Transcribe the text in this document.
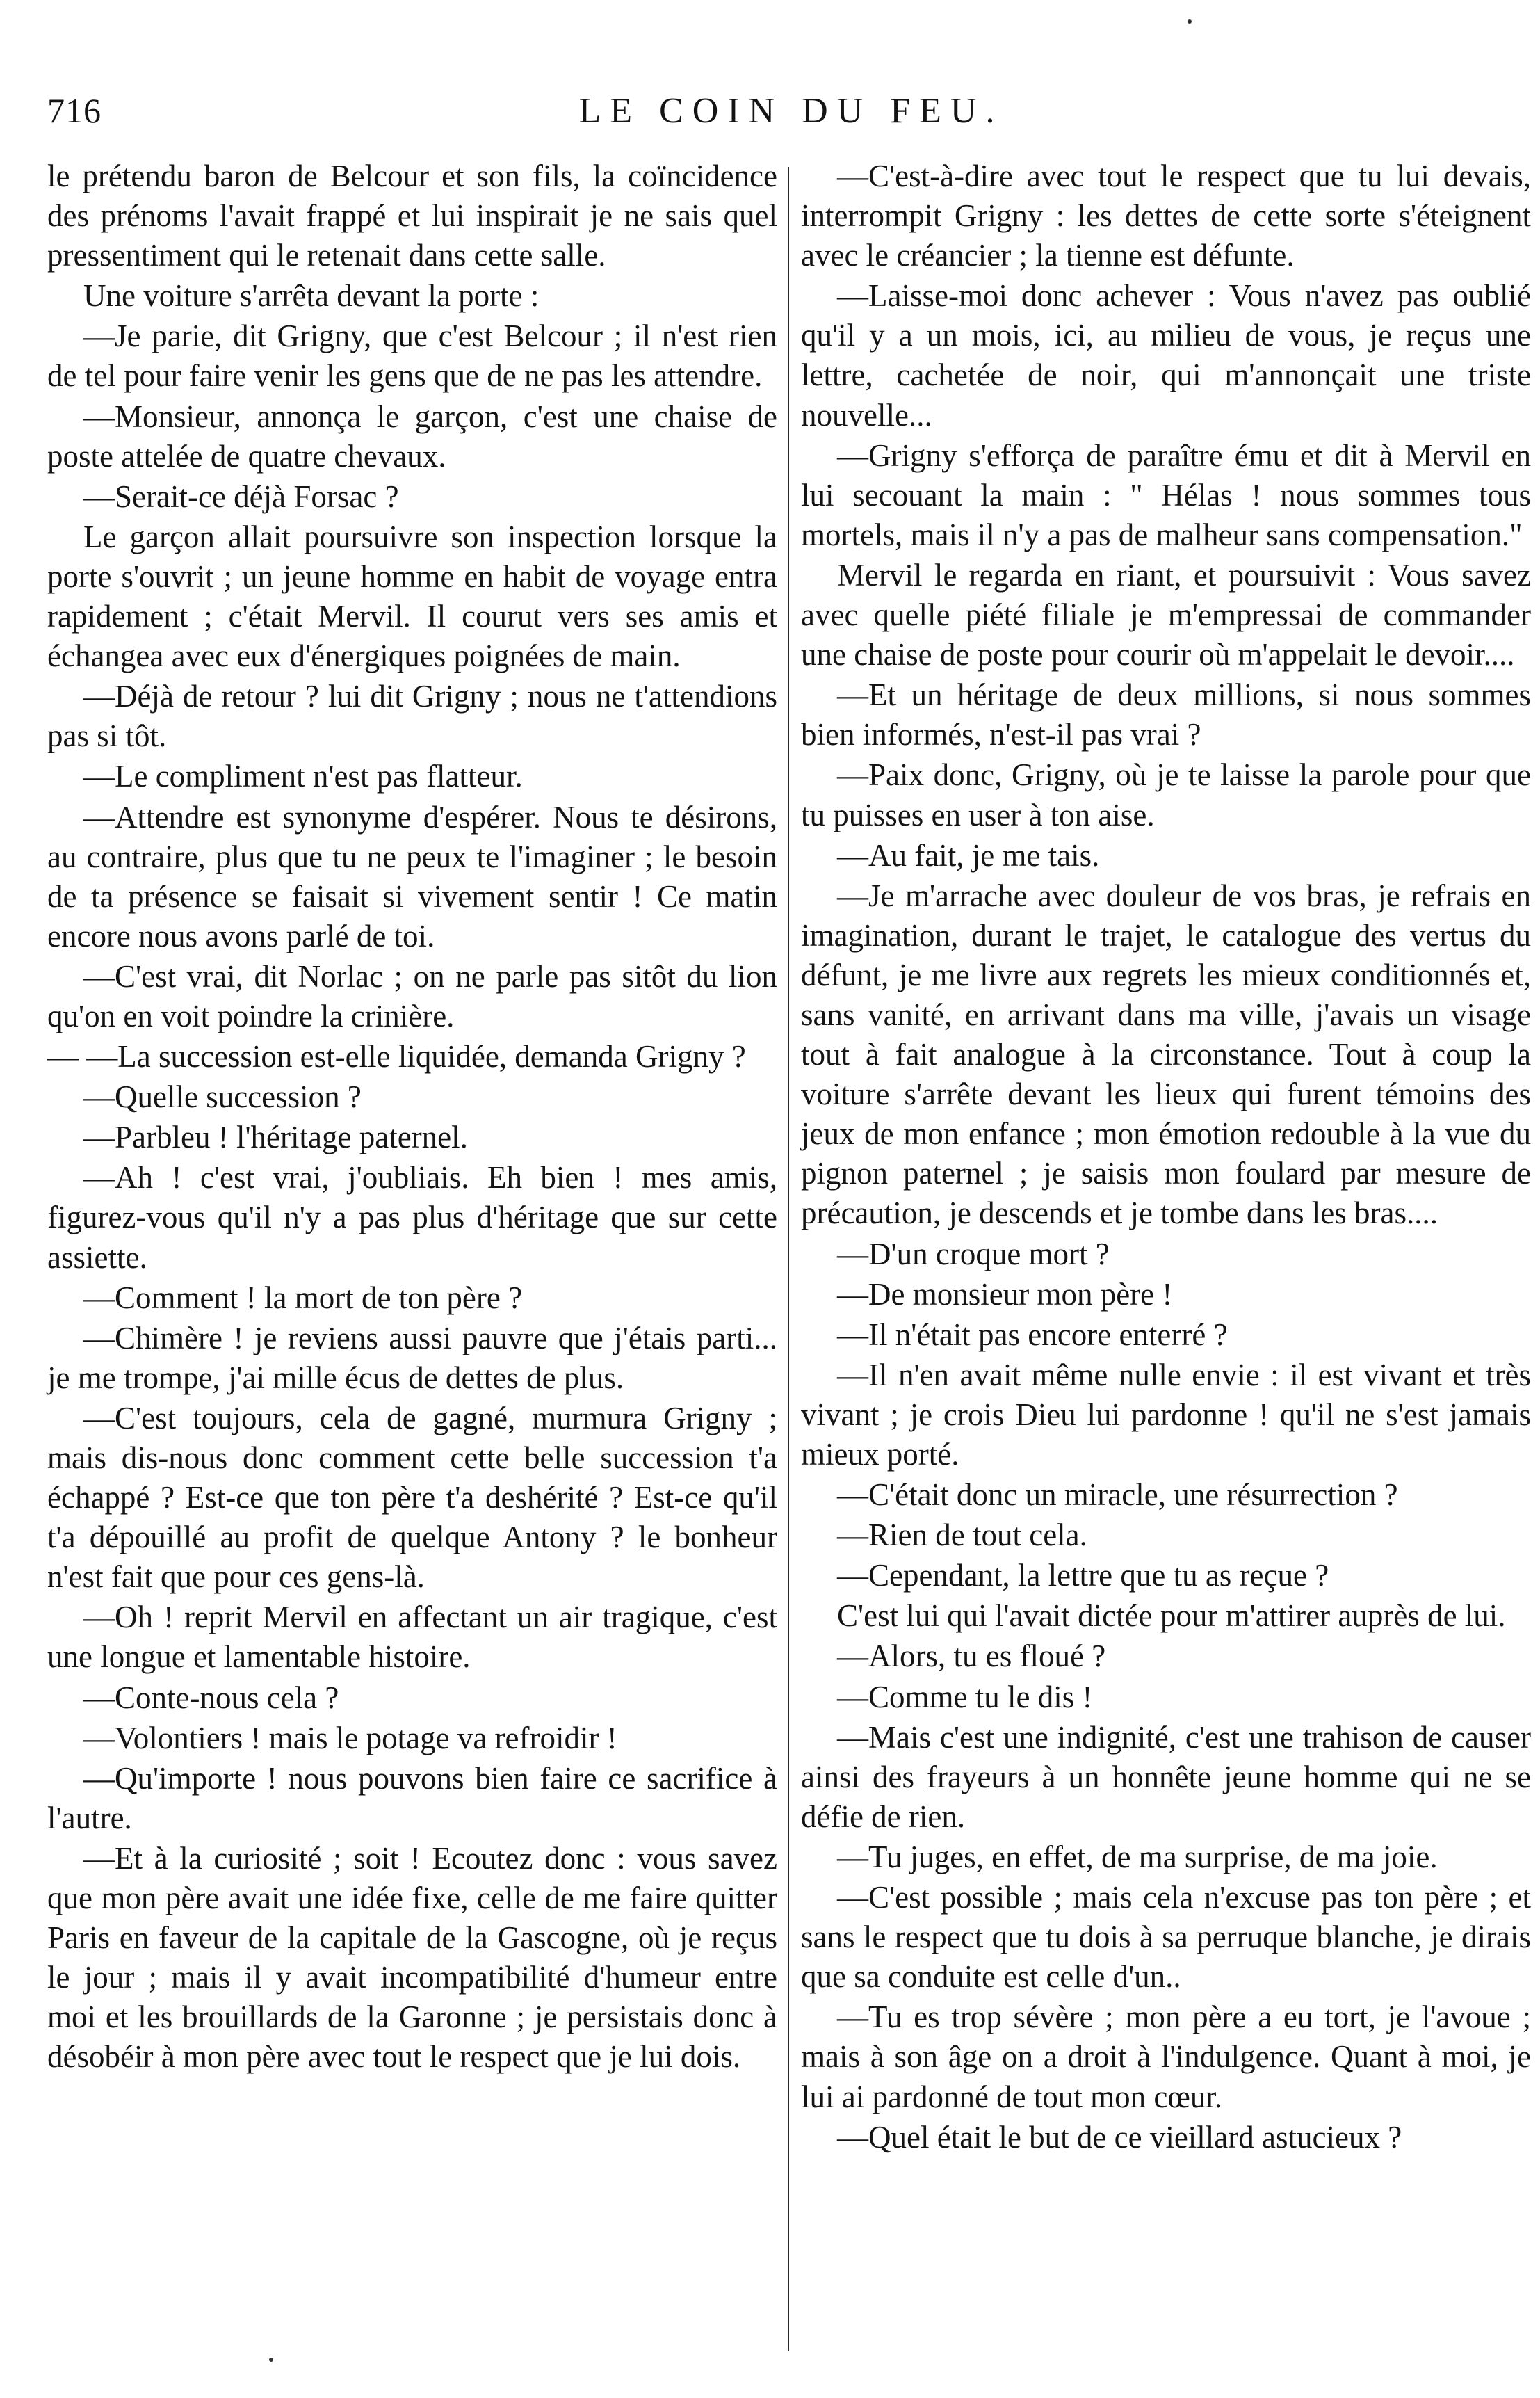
716	LE COIN DU FEU.

le prétendu baron de Belcour et son fils, la coïncidence des prénoms l'avait frappé et lui inspirait je ne sais quel pressentiment qui le retenait dans cette salle.

Une voiture s'arrêta devant la porte :

—Je parie, dit Grigny, que c'est Belcour ; il n'est rien de tel pour faire venir les gens que de ne pas les attendre.

—Monsieur, annonça le garçon, c'est une chaise de poste attelée de quatre chevaux.

—Serait-ce déjà Forsac ?

Le garçon allait poursuivre son inspection lorsque la porte s'ouvrit ; un jeune homme en habit de voyage entra rapidement ; c'était Mervil. Il courut vers ses amis et échangea avec eux d'énergiques poignées de main.

—Déjà de retour ? lui dit Grigny ; nous ne t'attendions pas si tôt.

—Le compliment n'est pas flatteur.

—Attendre est synonyme d'espérer. Nous te désirons, au contraire, plus que tu ne peux te l'imaginer ; le besoin de ta présence se faisait si vivement sentir ! Ce matin encore nous avons parlé de toi.

—C'est vrai, dit Norlac ; on ne parle pas sitôt du lion qu'on en voit poindre la crinière.

— —La succession est-elle liquidée, demanda Grigny ?

—Quelle succession ?

—Parbleu ! l'héritage paternel.

—Ah ! c'est vrai, j'oubliais. Eh bien ! mes amis, figurez-vous qu'il n'y a pas plus d'héritage que sur cette assiette.

—Comment ! la mort de ton père ?

—Chimère ! je reviens aussi pauvre que j'étais parti... je me trompe, j'ai mille écus de dettes de plus.

—C'est toujours, cela de gagné, murmura Grigny ; mais dis-nous donc comment cette belle succession t'a échappé ? Est-ce que ton père t'a deshérité ? Est-ce qu'il t'a dépouillé au profit de quelque Antony ? le bonheur n'est fait que pour ces gens-là.

—Oh ! reprit Mervil en affectant un air tragique, c'est une longue et lamentable histoire.

—Conte-nous cela ?

—Volontiers ! mais le potage va refroidir !

—Qu'importe ! nous pouvons bien faire ce sacrifice à l'autre.

—Et à la curiosité ; soit ! Ecoutez donc : vous savez que mon père avait une idée fixe, celle de me faire quitter Paris en faveur de la capitale de la Gascogne, où je reçus le jour ; mais il y avait incompatibilité d'humeur entre moi et les brouillards de la Garonne ; je persistais donc à désobéir à mon père avec tout le respect que je lui dois.

—C'est-à-dire avec tout le respect que tu lui devais, interrompit Grigny : les dettes de cette sorte s'éteignent avec le créancier ; la tienne est défunte.

—Laisse-moi donc achever : Vous n'avez pas oublié qu'il y a un mois, ici, au milieu de vous, je reçus une lettre, cachetée de noir, qui m'annonçait une triste nouvelle...

—Grigny s'efforça de paraître ému et dit à Mervil en lui secouant la main : " Hélas ! nous sommes tous mortels, mais il n'y a pas de malheur sans compensation."

Mervil le regarda en riant, et poursuivit : Vous savez avec quelle piété filiale je m'empressai de commander une chaise de poste pour courir où m'appelait le devoir....

—Et un héritage de deux millions, si nous sommes bien informés, n'est-il pas vrai ?

—Paix donc, Grigny, où je te laisse la parole pour que tu puisses en user à ton aise.

—Au fait, je me tais.

—Je m'arrache avec douleur de vos bras, je refrais en imagination, durant le trajet, le catalogue des vertus du défunt, je me livre aux regrets les mieux conditionnés et, sans vanité, en arrivant dans ma ville, j'avais un visage tout à fait analogue à la circonstance. Tout à coup la voiture s'arrête devant les lieux qui furent témoins des jeux de mon enfance ; mon émotion redouble à la vue du pignon paternel ; je saisis mon foulard par mesure de précaution, je descends et je tombe dans les bras....

—D'un croque mort ?

—De monsieur mon père !

—Il n'était pas encore enterré ?

—Il n'en avait même nulle envie : il est vivant et très vivant ; je crois Dieu lui pardonne ! qu'il ne s'est jamais mieux porté.

—C'était donc un miracle, une résurrection ?

—Rien de tout cela.

—Cependant, la lettre que tu as reçue ?

C'est lui qui l'avait dictée pour m'attirer auprès de lui.

—Alors, tu es floué ?

—Comme tu le dis !

—Mais c'est une indignité, c'est une trahison de causer ainsi des frayeurs à un honnête jeune homme qui ne se défie de rien.

—Tu juges, en effet, de ma surprise, de ma joie.

—C'est possible ; mais cela n'excuse pas ton père ; et sans le respect que tu dois à sa perruque blanche, je dirais que sa conduite est celle d'un..

—Tu es trop sévère ; mon père a eu tort, je l'avoue ; mais à son âge on a droit à l'indulgence. Quant à moi, je lui ai pardonné de tout mon cœur.

—Quel était le but de ce vieillard astucieux ?
